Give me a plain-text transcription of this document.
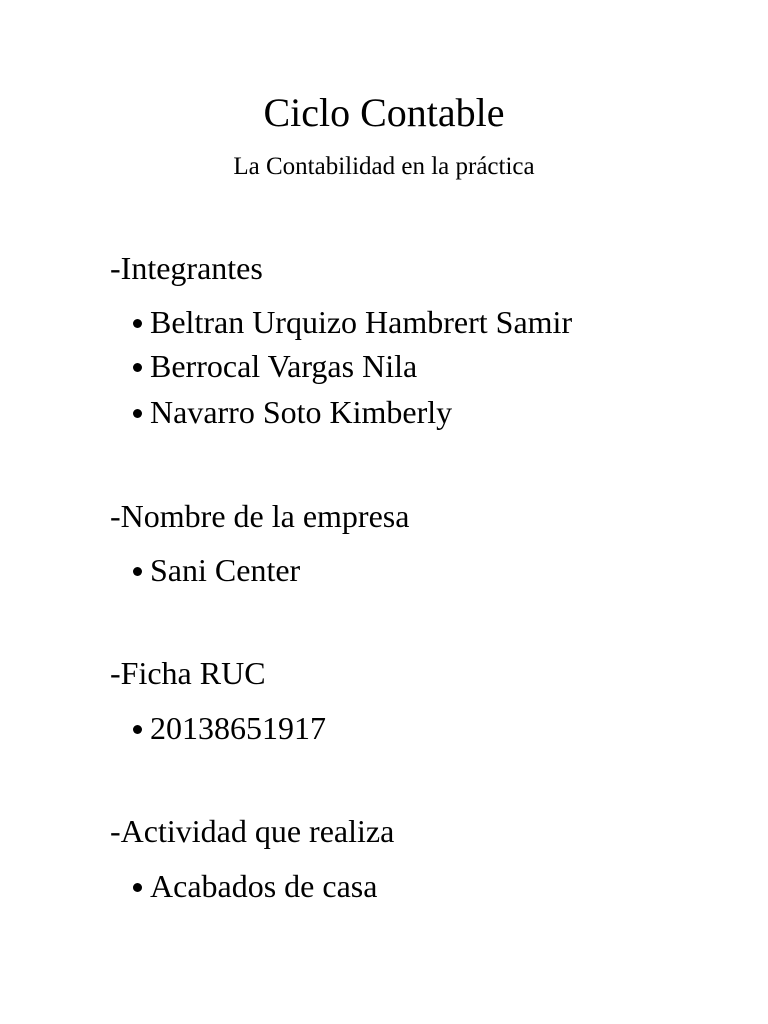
Ciclo Contable
La Contabilidad en la práctica
-Integrantes
Beltran Urquizo Hambrert Samir
Berrocal Vargas Nila
Navarro Soto Kimberly
-Nombre de la empresa
Sani Center
-Ficha RUC
20138651917
-Actividad que realiza
Acabados de casa
